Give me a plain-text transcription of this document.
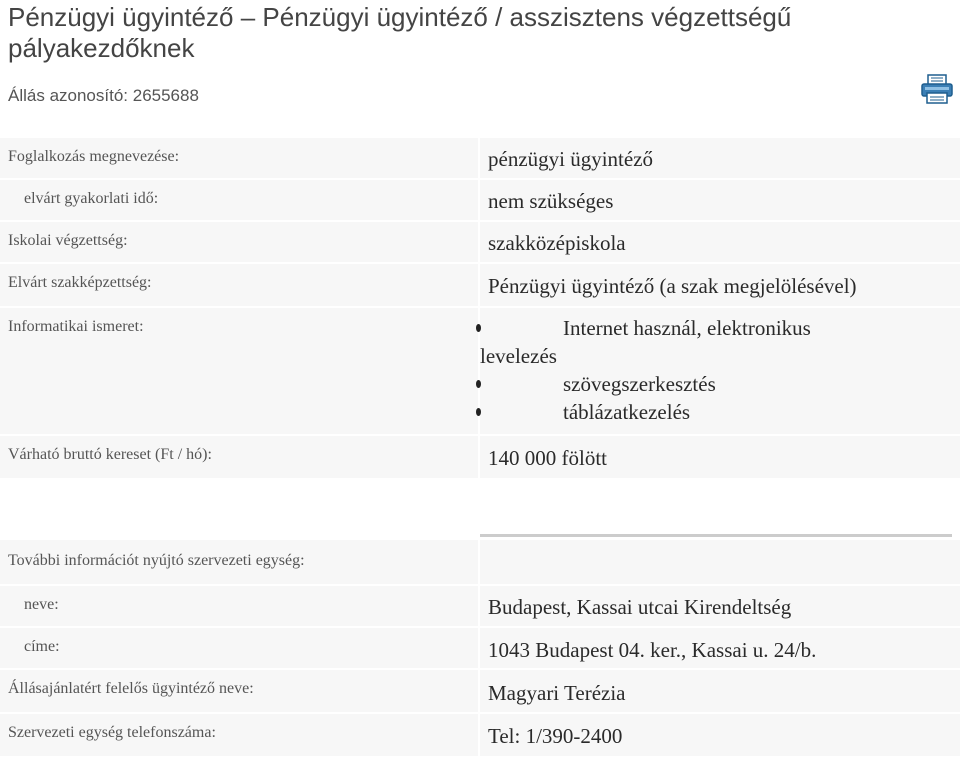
Pénzügyi ügyintéző – Pénzügyi ügyintéző / asszisztens végzettségű pályakezdőknek
Állás azonosító: 2655688
Foglalkozás megnevezése:	pénzügyi ügyintéző
elvárt gyakorlati idő:	nem szükséges
Iskolai végzettség:	szakközépiskola
Elvárt szakképzettség:	Pénzügyi ügyintéző (a szak megjelölésével)
Informatikai ismeret:	Internet használ, elektronikus levelezés
szövegszerkesztés
táblázatkezelés
Várható bruttó kereset (Ft / hó):	140 000 fölött
További információt nyújtó szervezeti egység:
neve:	Budapest, Kassai utcai Kirendeltség
címe:	1043 Budapest 04. ker., Kassai u. 24/b.
Állásajánlatért felelős ügyintéző neve:	Magyari Terézia
Szervezeti egység telefonszáma:	Tel: 1/390-2400
